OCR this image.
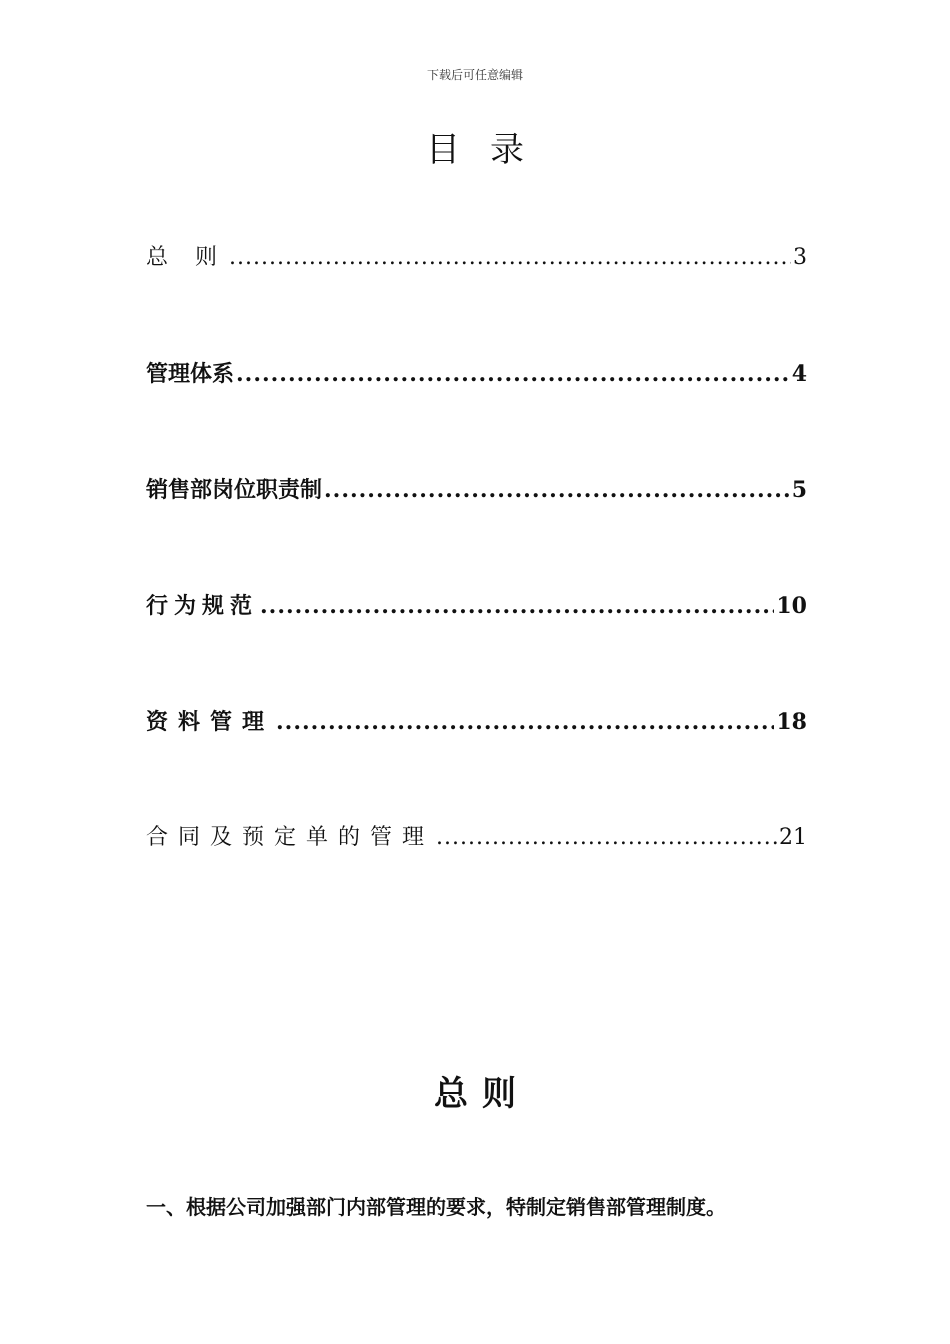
下载后可任意编辑
目录
总 则 .....	3
管理体系 .....	4
销售部岗位职责制 .....	5
行为规范 .....	10
资料管理 .....	18
合同及预定单的管理 .....	21
总则

一、根据公司加强部门内部管理的要求，特制定销售部管理制度。
